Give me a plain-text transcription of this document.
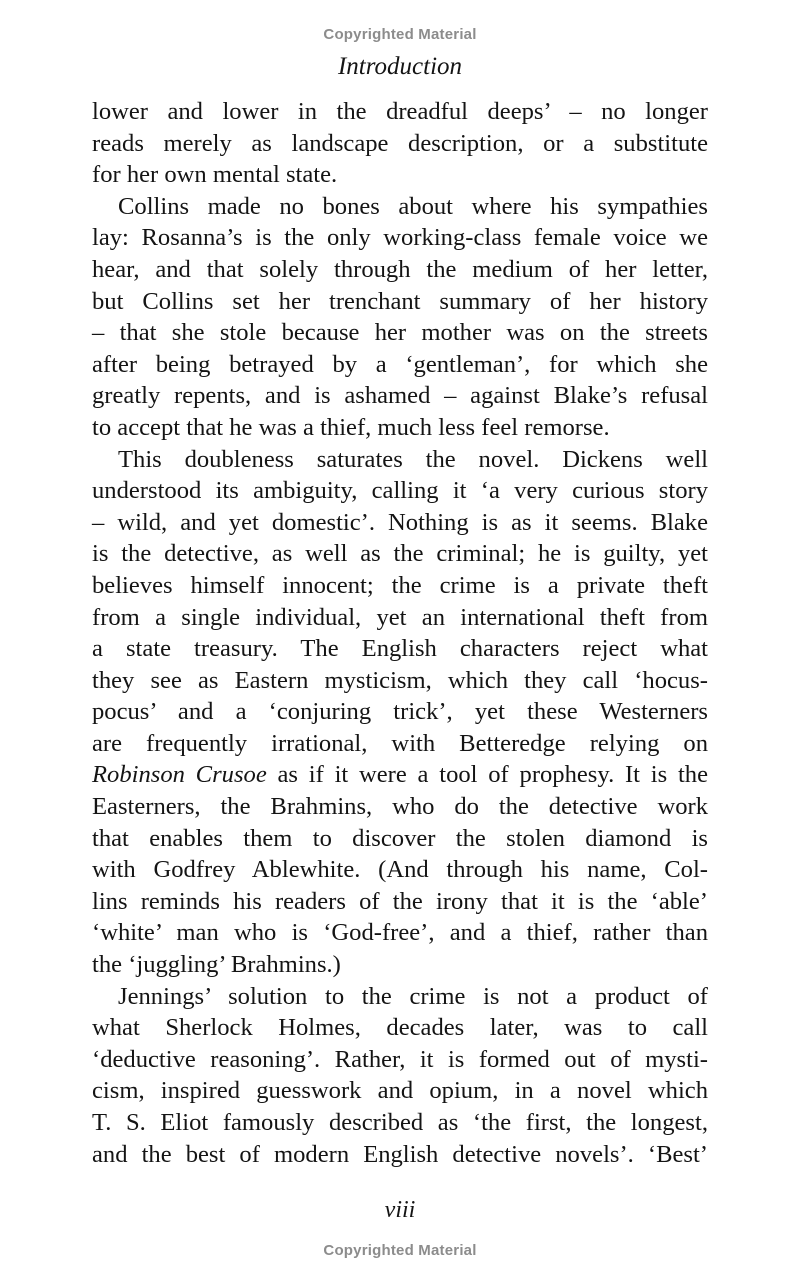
Copyrighted Material
Introduction
lower and lower in the dreadful deeps’ – no longer
reads merely as landscape description, or a substitute
for her own mental state.
Collins made no bones about where his sympathies
lay: Rosanna’s is the only working-class female voice we
hear, and that solely through the medium of her letter,
but Collins set her trenchant summary of her history
– that she stole because her mother was on the streets
after being betrayed by a ‘gentleman’, for which she
greatly repents, and is ashamed – against Blake’s refusal
to accept that he was a thief, much less feel remorse.
This doubleness saturates the novel. Dickens well
understood its ambiguity, calling it ‘a very curious story
– wild, and yet domestic’. Nothing is as it seems. Blake
is the detective, as well as the criminal; he is guilty, yet
believes himself innocent; the crime is a private theft
from a single individual, yet an international theft from
a state treasury. The English characters reject what
they see as Eastern mysticism, which they call ‘hocus-
pocus’ and a ‘conjuring trick’, yet these Westerners
are frequently irrational, with Betteredge relying on
Robinson Crusoe as if it were a tool of prophesy. It is the
Easterners, the Brahmins, who do the detective work
that enables them to discover the stolen diamond is
with Godfrey Ablewhite. (And through his name, Col-
lins reminds his readers of the irony that it is the ‘able’
‘white’ man who is ‘God-free’, and a thief, rather than
the ‘juggling’ Brahmins.)
Jennings’ solution to the crime is not a product of
what Sherlock Holmes, decades later, was to call
‘deductive reasoning’. Rather, it is formed out of mysti-
cism, inspired guesswork and opium, in a novel which
T. S. Eliot famously described as ‘the first, the longest,
and the best of modern English detective novels’. ‘Best’
viii
Copyrighted Material
